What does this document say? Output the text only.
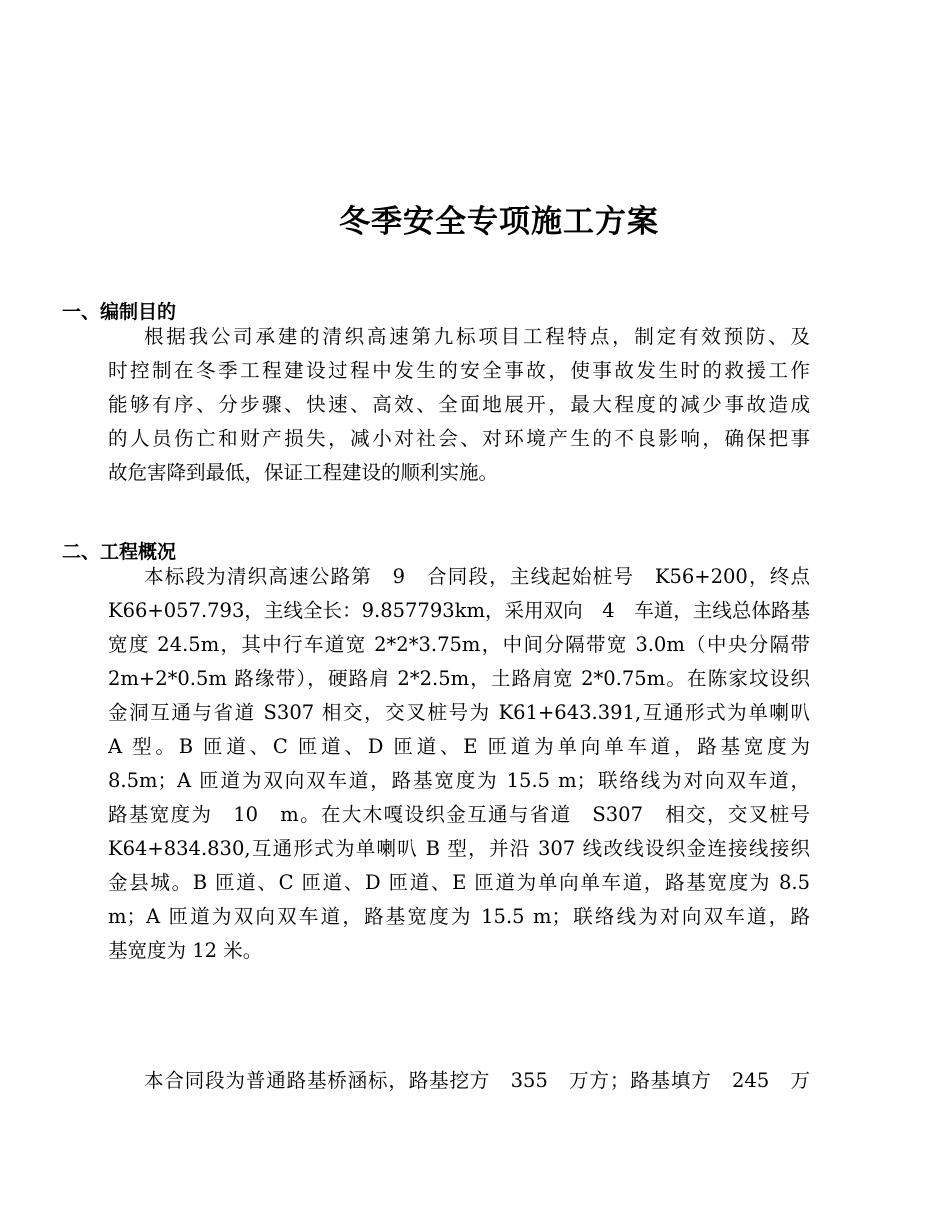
冬季安全专项施工方案
一、编制目的
根据我公司承建的清织高速第九标项目工程特点，制定有效预防、及
时控制在冬季工程建设过程中发生的安全事故，使事故发生时的救援工作
能够有序、分步骤、快速、高效、全面地展开，最大程度的减少事故造成
的人员伤亡和财产损失，减小对社会、对环境产生的不良影响，确保把事
故危害降到最低，保证工程建设的顺利实施。
二、工程概况
本标段为清织高速公路第　9　合同段，主线起始桩号　K56+200，终点
K66+057.793，主线全长：9.857793km，采用双向　4　车道，主线总体路基
宽度 24.5m，其中行车道宽 2*2*3.75m，中间分隔带宽 3.0m（中央分隔带
2m+2*0.5m 路缘带），硬路肩 2*2.5m，土路肩宽 2*0.75m。在陈家坟设织
金洞互通与省道 S307 相交，交叉桩号为 K61+643.391,互通形式为单喇叭
A 型。B 匝道、C 匝道、D 匝道、E 匝道为单向单车道，路基宽度为
8.5m；A 匝道为双向双车道，路基宽度为 15.5 m；联络线为对向双车道，
路基宽度为　10　m。在大木嘎设织金互通与省道　S307　相交，交叉桩号
K64+834.830,互通形式为单喇叭 B 型，并沿 307 线改线设织金连接线接织
金县城。B 匝道、C 匝道、D 匝道、E 匝道为单向单车道，路基宽度为 8.5
m；A 匝道为双向双车道，路基宽度为 15.5 m；联络线为对向双车道，路
基宽度为 12 米。
本合同段为普通路基桥涵标，路基挖方　355　万方；路基填方　245　万
